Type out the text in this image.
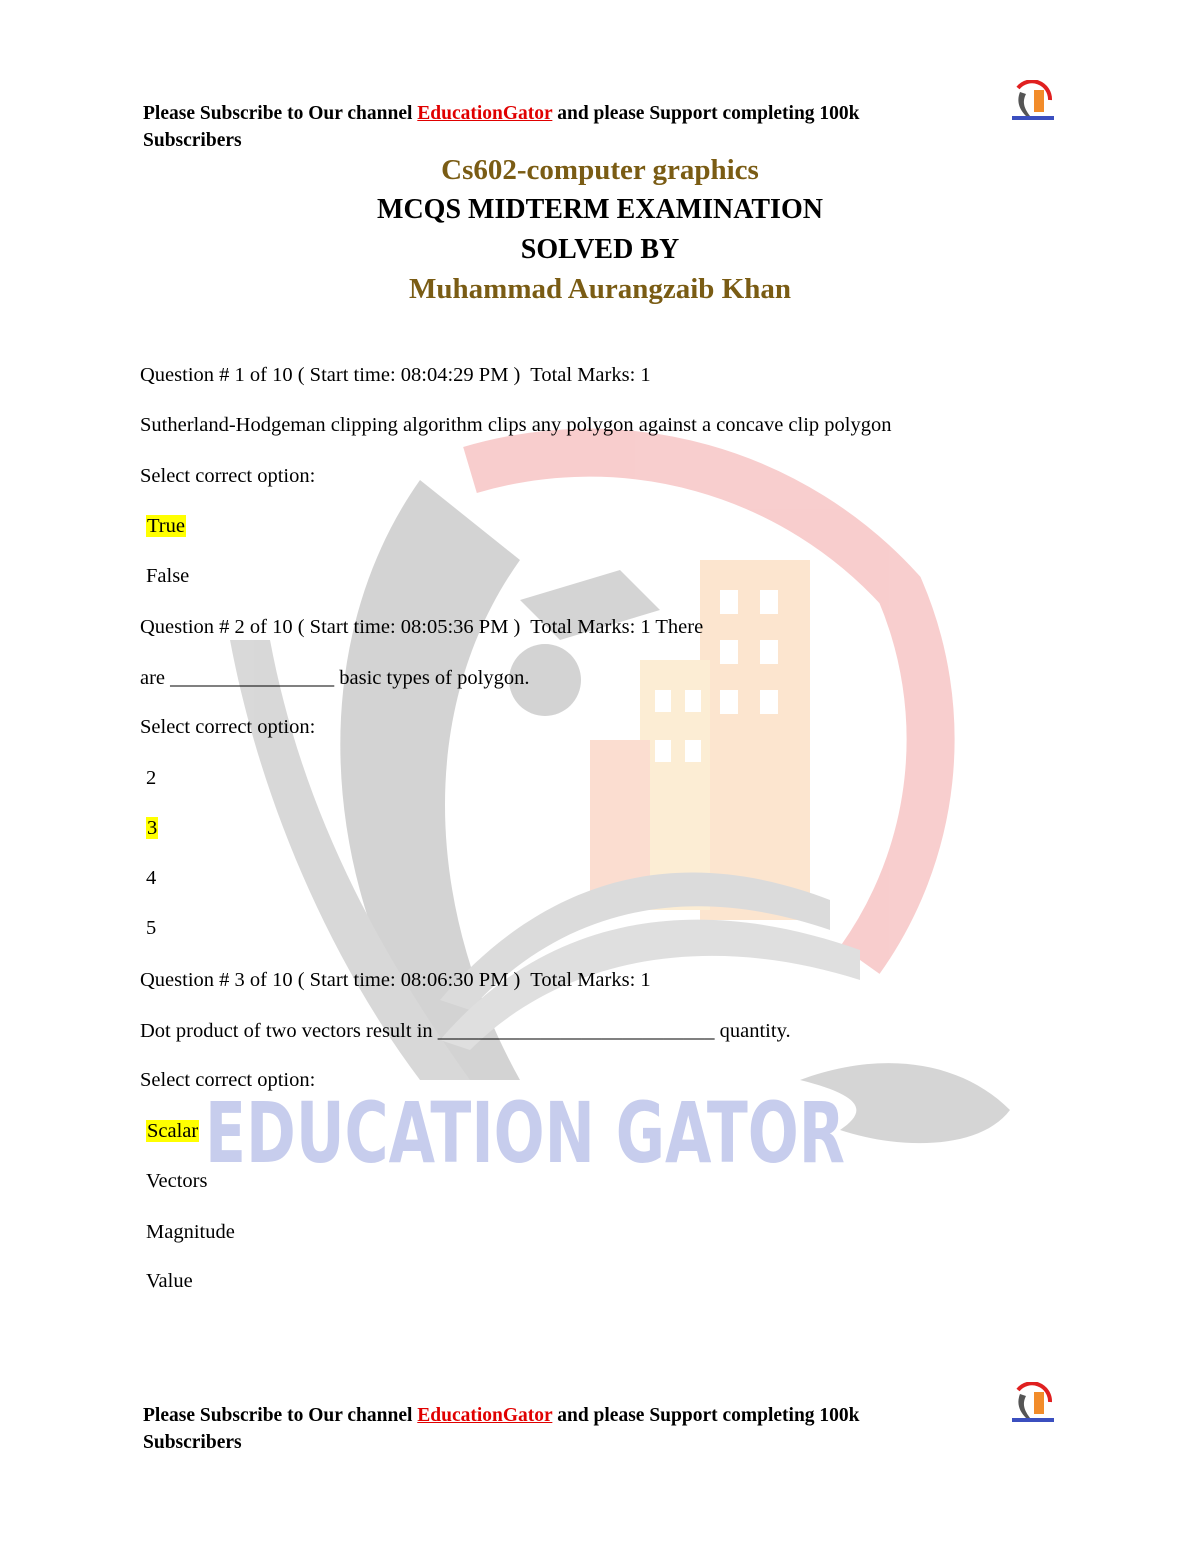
EDUCATION GATOR
Please Subscribe to Our channel EducationGator and please Support completing 100k
Subscribers
Cs602-computer graphics
MCQS MIDTERM EXAMINATION
SOLVED BY
Muhammad Aurangzaib Khan
Question # 1 of 10 ( Start time: 08:04:29 PM )  Total Marks: 1
Sutherland-Hodgeman clipping algorithm clips any polygon against a concave clip polygon
Select correct option:
True
False
Question # 2 of 10 ( Start time: 08:05:36 PM )  Total Marks: 1 There
are ________________ basic types of polygon.
Select correct option:
2
3
4
5
Question # 3 of 10 ( Start time: 08:06:30 PM )  Total Marks: 1
Dot product of two vectors result in ___________________________ quantity.
Select correct option:
Scalar
Vectors
Magnitude
Value
Please Subscribe to Our channel EducationGator and please Support completing 100k
Subscribers
